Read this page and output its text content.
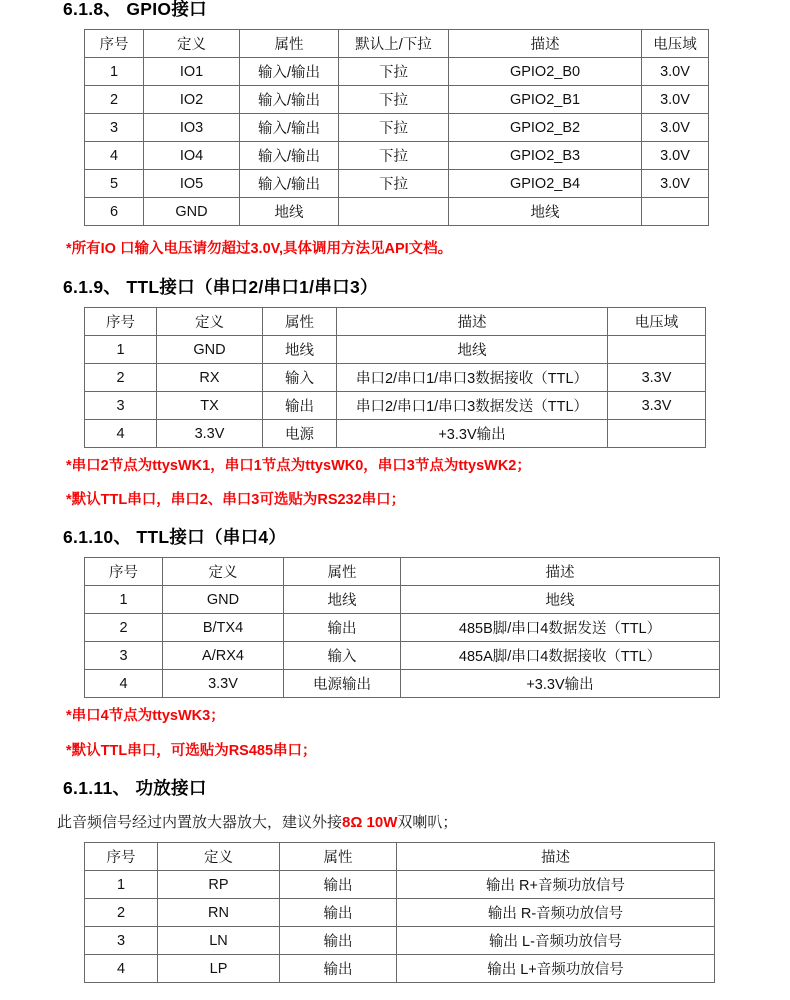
6.1.8、 GPIO接口
序号	定义	属性	默认上/下拉	描述	电压域
1	IO1	输入/输出	下拉	GPIO2_B0	3.0V
2	IO2	输入/输出	下拉	GPIO2_B1	3.0V
3	IO3	输入/输出	下拉	GPIO2_B2	3.0V
4	IO4	输入/输出	下拉	GPIO2_B3	3.0V
5	IO5	输入/输出	下拉	GPIO2_B4	3.0V
6	GND	地线		地线	

*所有IO 口输入电压请勿超过3.0V,具体调用方法见API文档。

6.1.9、 TTL接口（串口2/串口1/串口3）
序号	定义	属性	描述	电压域
1	GND	地线	地线	
2	RX	输入	串口2/串口1/串口3数据接收（TTL）	3.3V
3	TX	输出	串口2/串口1/串口3数据发送（TTL）	3.3V
4	3.3V	电源	+3.3V输出	

*串口2节点为ttysWK1，串口1节点为ttysWK0，串口3节点为ttysWK2；

*默认TTL串口，串口2、串口3可选贴为RS232串口；

6.1.10、 TTL接口（串口4）
序号	定义	属性	描述
1	GND	地线	地线
2	B/TX4	输出	485B脚/串口4数据发送（TTL）
3	A/RX4	输入	485A脚/串口4数据接收（TTL）
4	3.3V	电源输出	+3.3V输出

*串口4节点为ttysWK3；

*默认TTL串口，可选贴为RS485串口；

6.1.11、 功放接口

此音频信号经过内置放大器放大，建议外接8Ω 10W双喇叭；

序号	定义	属性	描述
1	RP	输出	输出 R+音频功放信号
2	RN	输出	输出 R-音频功放信号
3	LN	输出	输出 L-音频功放信号
4	LP	输出	输出 L+音频功放信号
